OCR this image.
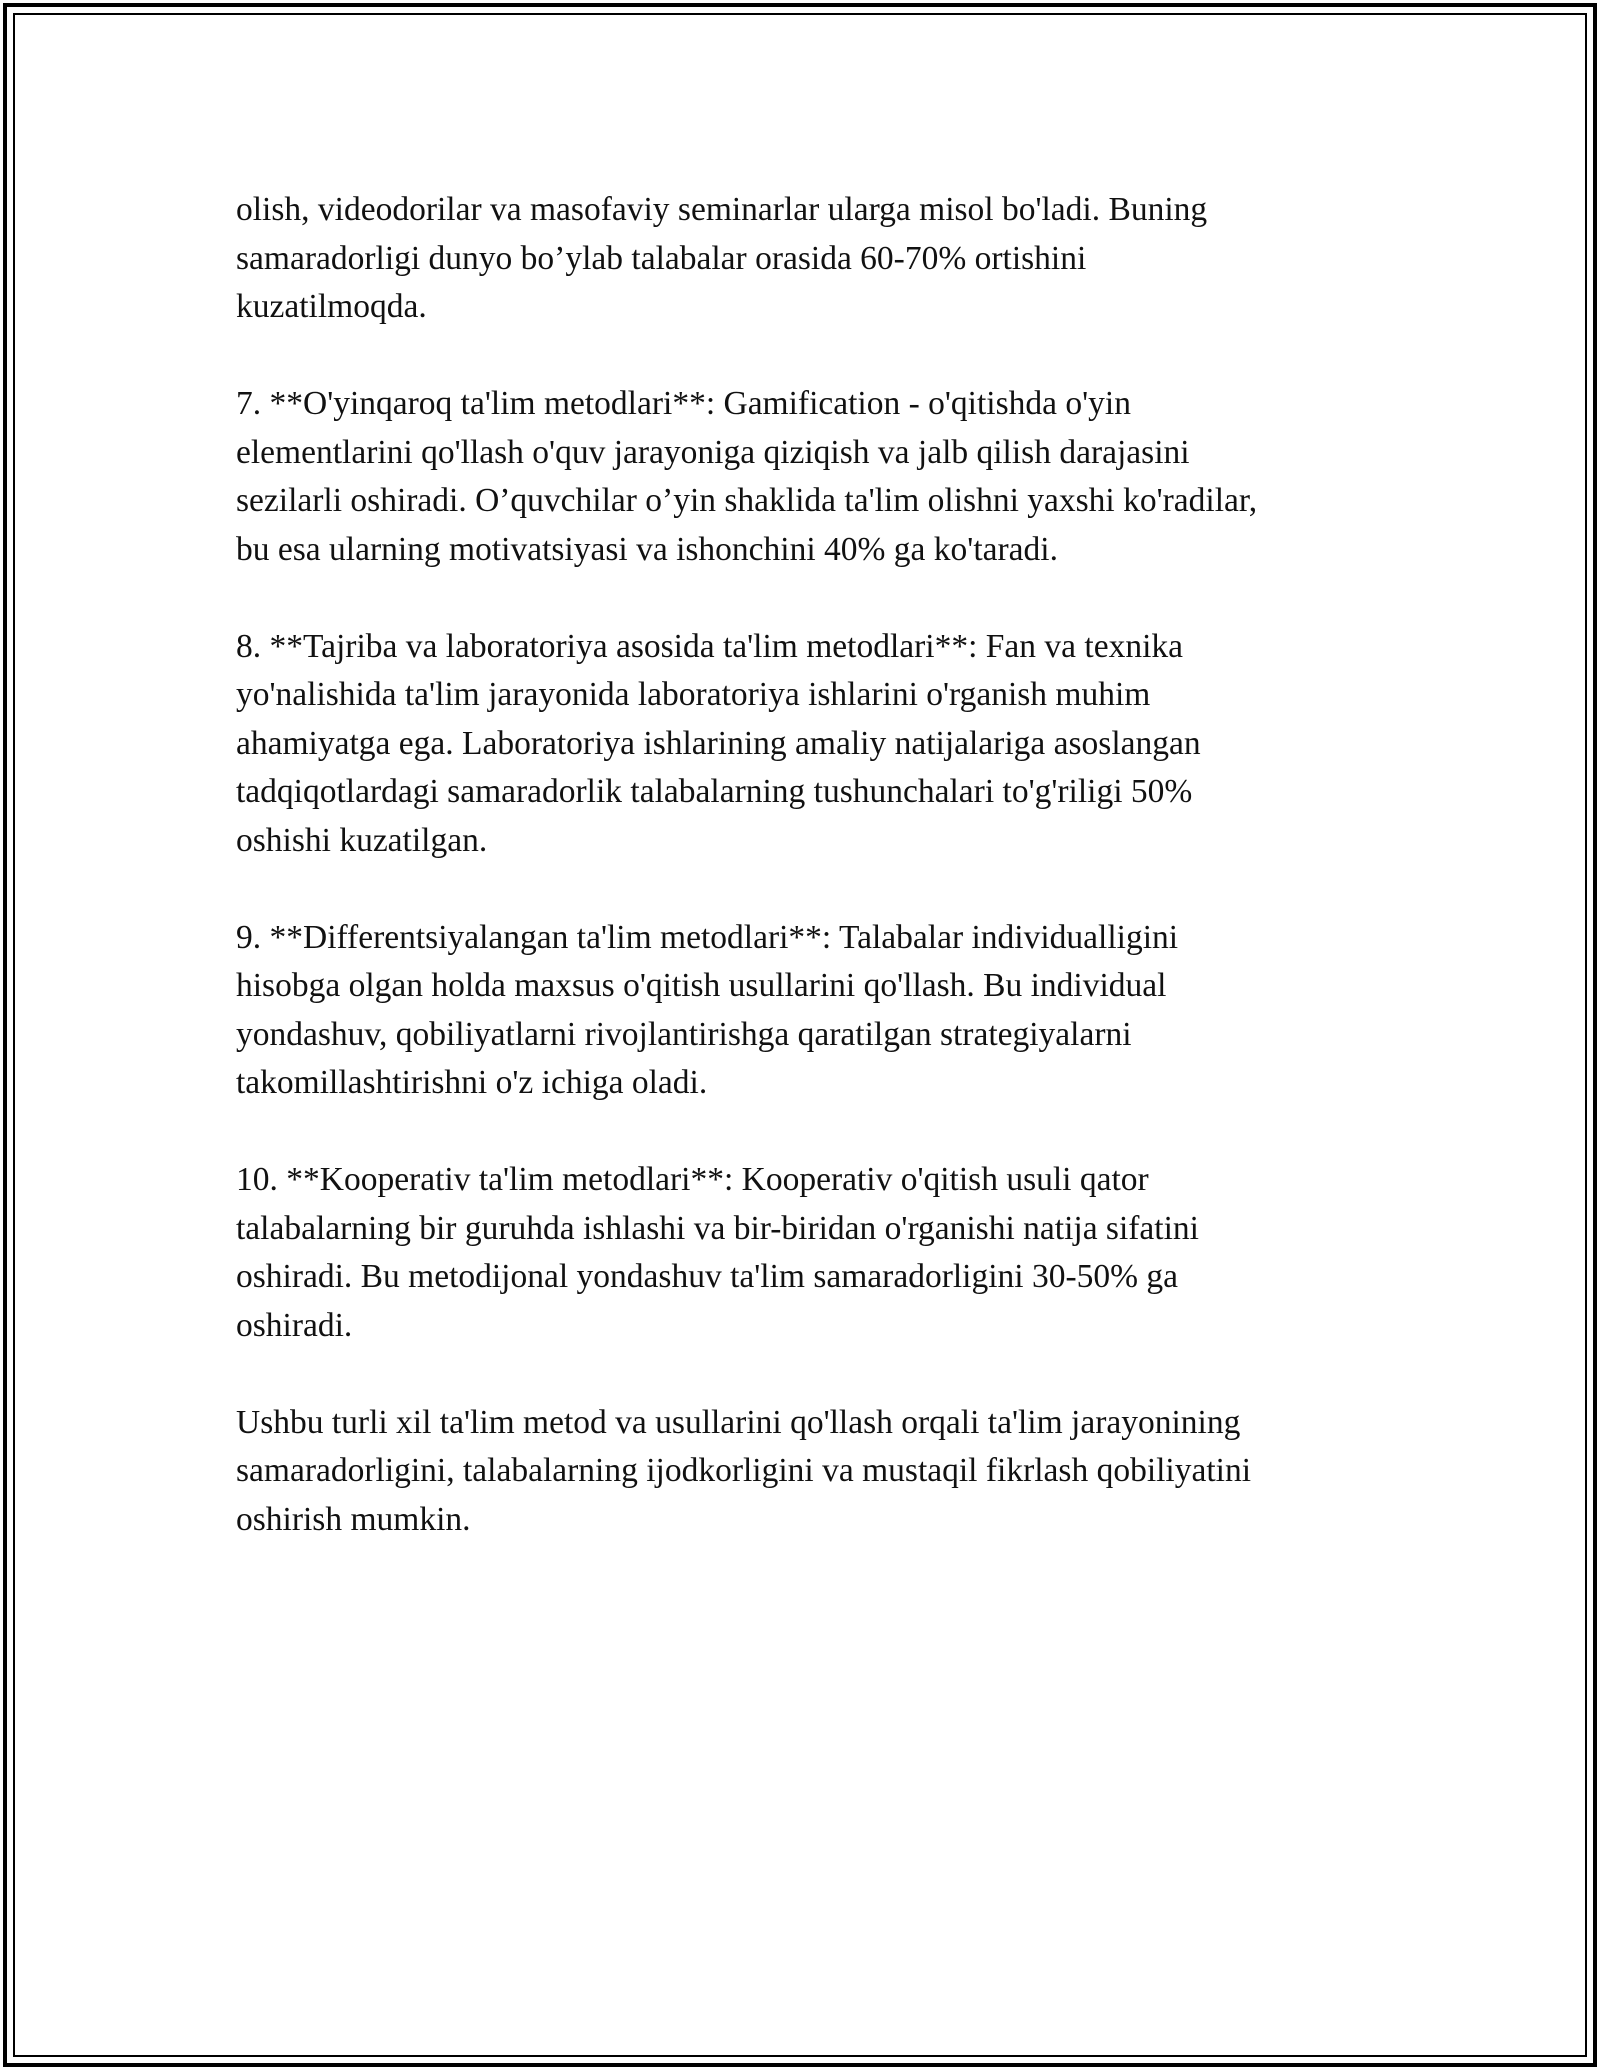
olish, videodorilar va masofaviy seminarlar ularga misol bo'ladi. Buning
samaradorligi dunyo bo’ylab talabalar orasida 60-70% ortishini
kuzatilmoqda.

7. **O'yinqaroq ta'lim metodlari**: Gamification - o'qitishda o'yin
elementlarini qo'llash o'quv jarayoniga qiziqish va jalb qilish darajasini
sezilarli oshiradi. O’quvchilar o’yin shaklida ta'lim olishni yaxshi ko'radilar,
bu esa ularning motivatsiyasi va ishonchini 40% ga ko'taradi.

8. **Tajriba va laboratoriya asosida ta'lim metodlari**: Fan va texnika
yo'nalishida ta'lim jarayonida laboratoriya ishlarini o'rganish muhim
ahamiyatga ega. Laboratoriya ishlarining amaliy natijalariga asoslangan
tadqiqotlardagi samaradorlik talabalarning tushunchalari to'g'riligi 50%
oshishi kuzatilgan.

9. **Differentsiyalangan ta'lim metodlari**: Talabalar individualligini
hisobga olgan holda maxsus o'qitish usullarini qo'llash. Bu individual
yondashuv, qobiliyatlarni rivojlantirishga qaratilgan strategiyalarni
takomillashtirishni o'z ichiga oladi.

10. **Kooperativ ta'lim metodlari**: Kooperativ o'qitish usuli qator
talabalarning bir guruhda ishlashi va bir-biridan o'rganishi natija sifatini
oshiradi. Bu metodijonal yondashuv ta'lim samaradorligini 30-50% ga
oshiradi.

Ushbu turli xil ta'lim metod va usullarini qo'llash orqali ta'lim jarayonining
samaradorligini, talabalarning ijodkorligini va mustaqil fikrlash qobiliyatini
oshirish mumkin.
